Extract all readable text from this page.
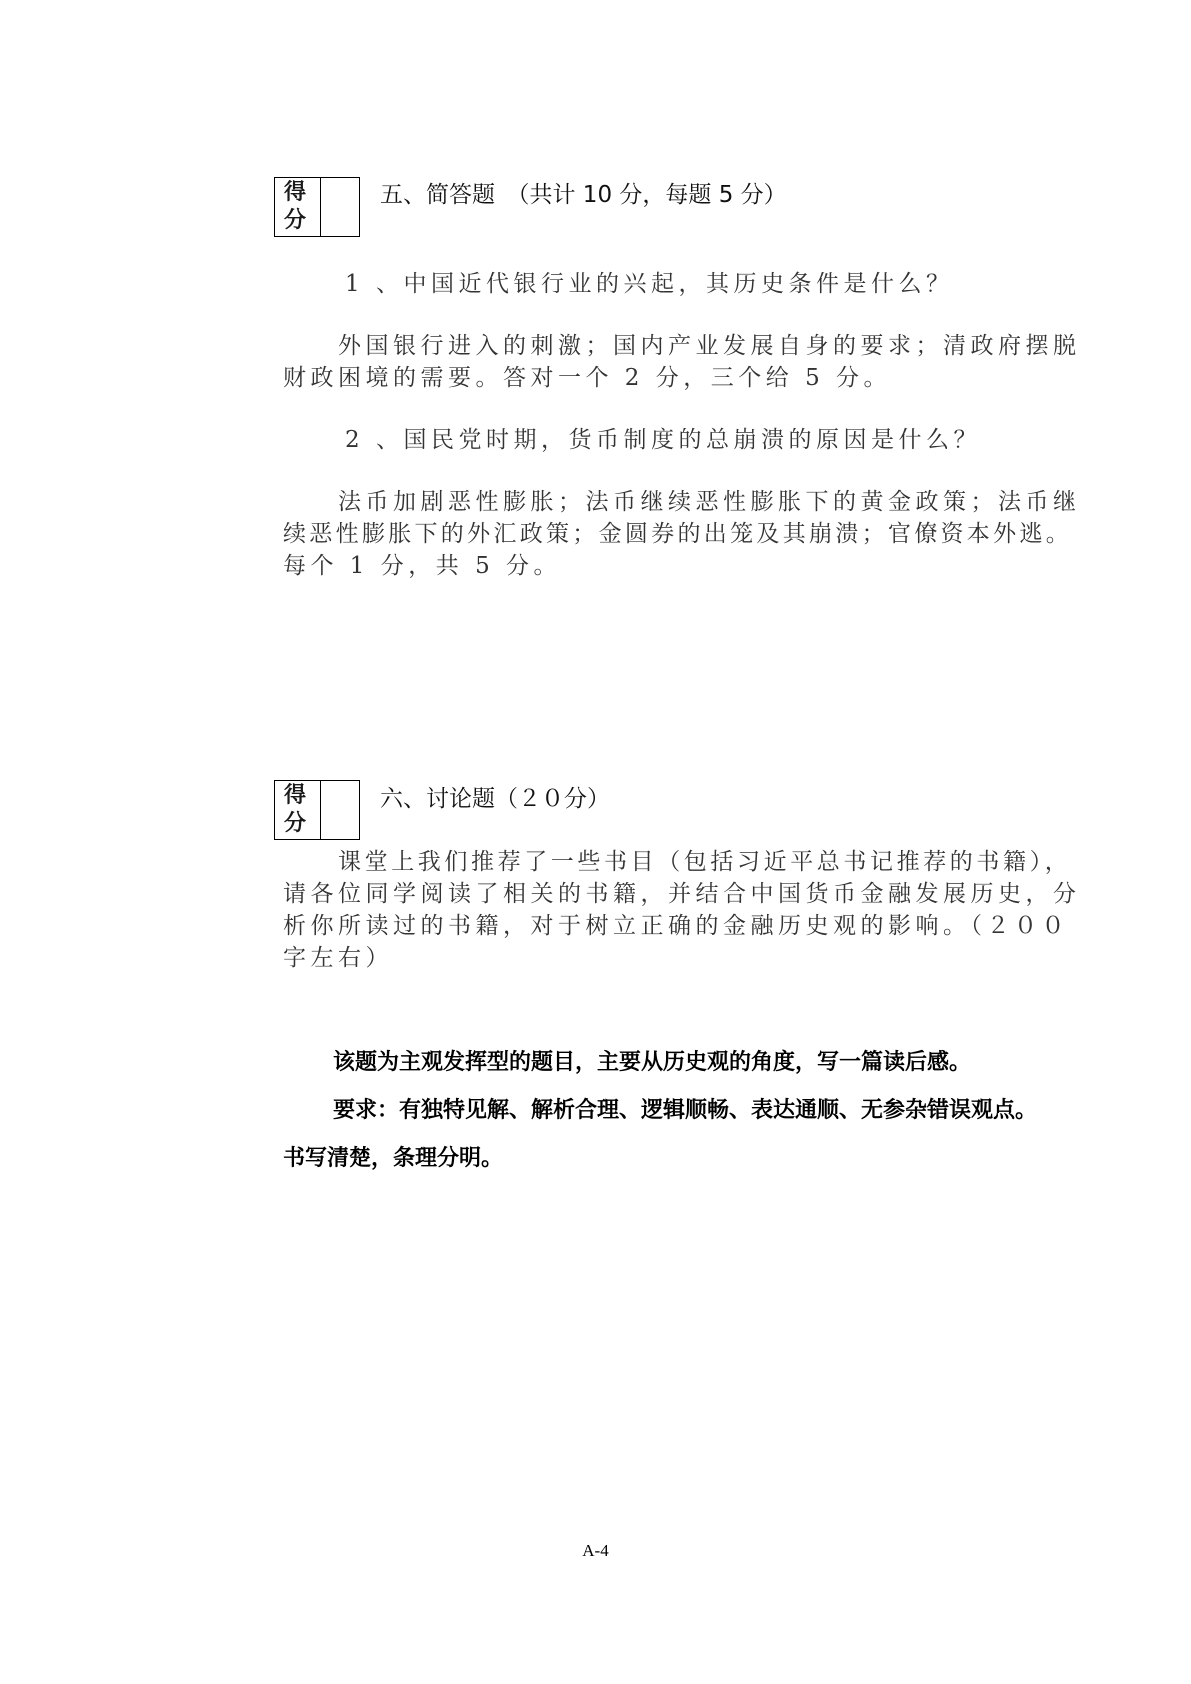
得
分
五、简答题　（共计 10 分，每题 5 分）

1 、中国近代银行业的兴起，其历史条件是什么？

外国银行进入的刺激；国内产业发展自身的要求；清政府摆脱

财政困境的需要。答对一个 2 分，三个给 5 分。

2 、国民党时期，货币制度的总崩溃的原因是什么？

法币加剧恶性膨胀；法币继续恶性膨胀下的黄金政策；法币继

续恶性膨胀下的外汇政策；金圆券的出笼及其崩溃；官僚资本外逃。

每个 1 分，共 5 分。

得
分
六、讨论题（２０分）

课堂上我们推荐了一些书目（包括习近平总书记推荐的书籍），

请各位同学阅读了相关的书籍，并结合中国货币金融发展历史，分

析你所读过的书籍，对于树立正确的金融历史观的影响。（２００

字左右）

该题为主观发挥型的题目，主要从历史观的角度，写一篇读后感。

要求：有独特见解、解析合理、逻辑顺畅、表达通顺、无参杂错误观点。

书写清楚，条理分明。

A-4
